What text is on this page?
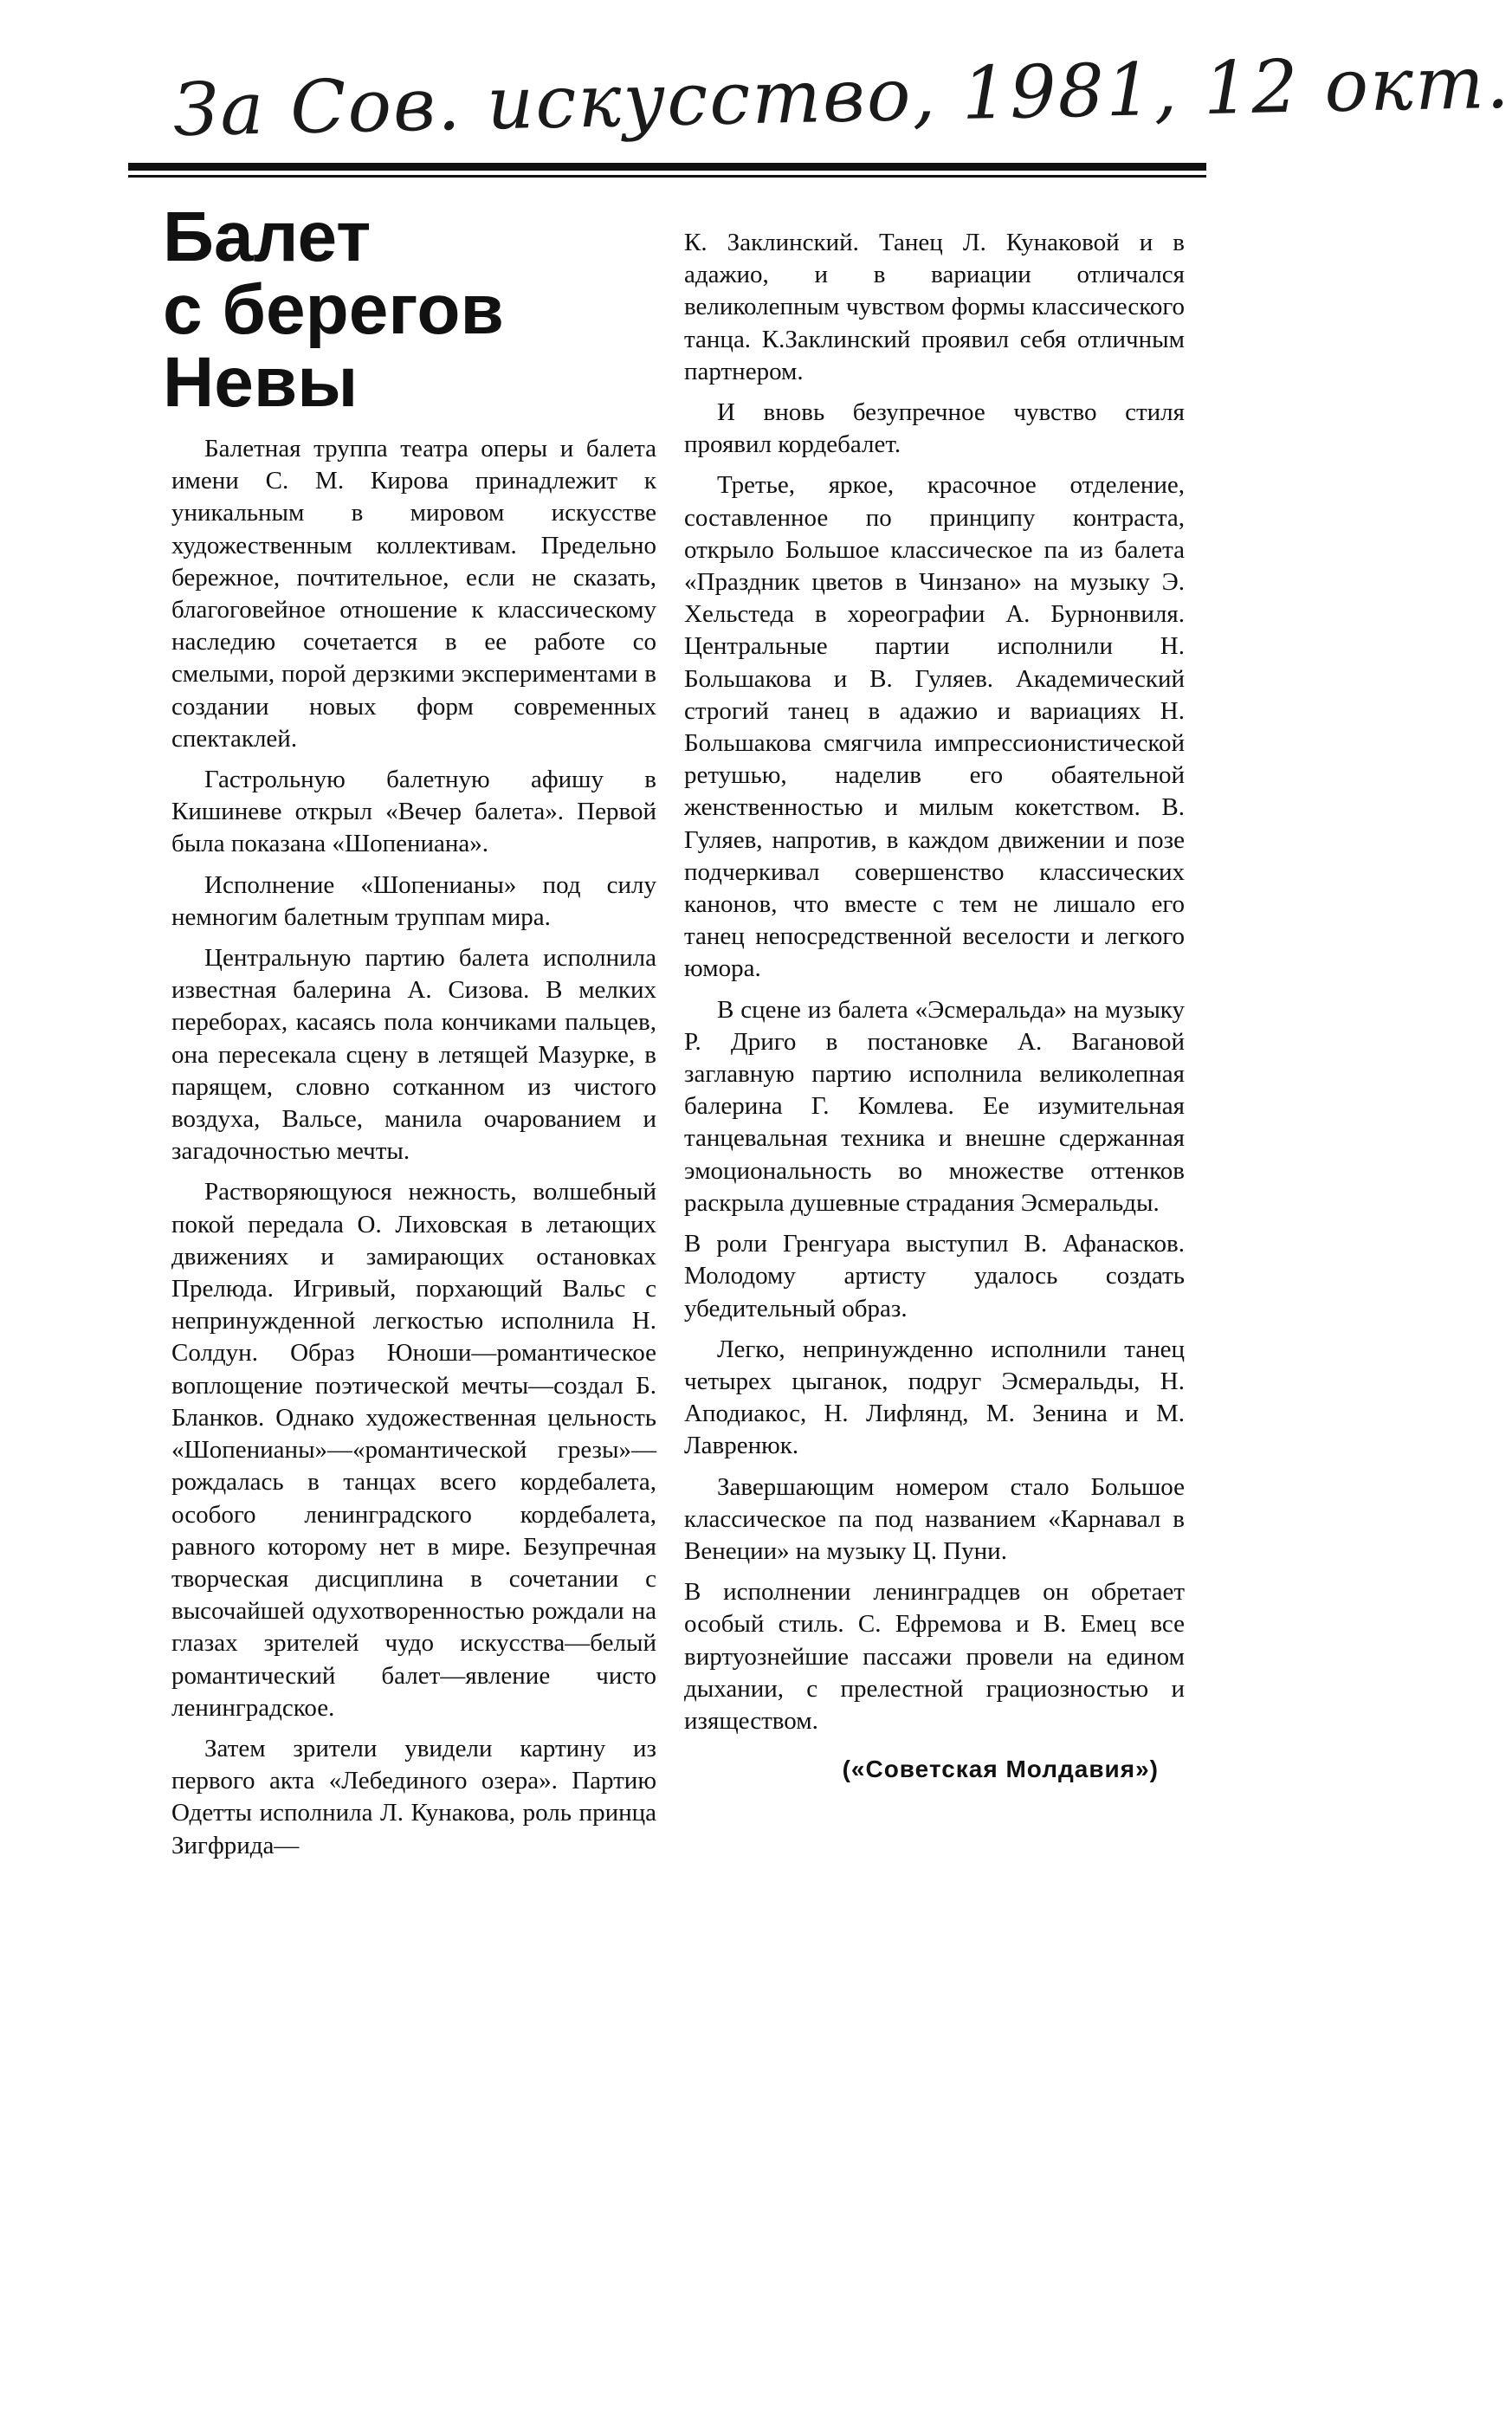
За Сов. искусство, 1981, 12 окт.
Балет
с берегов
Невы

Балетная труппа театра оперы и балета имени С. М. Кирова принадлежит к уникальным в мировом искусстве художественным коллективам. Предельно бережное, почтительное, если не сказать, благоговейное отношение к классическому наследию сочетается в ее работе со смелыми, порой дерзкими экспериментами в создании новых форм современных спектаклей.

Гастрольную балетную афишу в Кишиневе открыл «Вечер балета». Первой была показана «Шопениана».

Исполнение «Шопенианы» под силу немногим балетным труппам мира.

Центральную партию балета исполнила известная балерина А. Сизова. В мелких переборах, касаясь пола кончиками пальцев, она пересекала сцену в летящей Мазурке, в парящем, словно сотканном из чистого воздуха, Вальсе, манила очарованием и загадочностью мечты.

Растворяющуюся нежность, волшебный покой передала О. Лиховская в летающих движениях и замирающих остановках Прелюда. Игривый, порхающий Вальс с непринужденной легкостью исполнила Н. Солдун. Образ Юноши—романтическое воплощение поэтической мечты—создал Б. Бланков. Однако художественная цельность «Шопенианы»—«романтической грезы»—рождалась в танцах всего кордебалета, особого ленинградского кордебалета, равного которому нет в мире. Безупречная творческая дисциплина в сочетании с высочайшей одухотворенностью рождали на глазах зрителей чудо искусства—белый романтический балет—явление чисто ленинградское.

Затем зрители увидели картину из первого акта «Лебединого озера». Партию Одетты исполнила Л. Кунакова, роль принца Зигфрида—

К. Заклинский. Танец Л. Кунаковой и в адажио, и в вариации отличался великолепным чувством формы классического танца. К.Заклинский проявил себя отличным партнером.

И вновь безупречное чувство стиля проявил кордебалет.

Третье, яркое, красочное отделение, составленное по принципу контраста, открыло Большое классическое па из балета «Праздник цветов в Чинзано» на музыку Э. Хельстеда в хореографии А. Бурнонвиля. Центральные партии исполнили Н. Большакова и В. Гуляев. Академический строгий танец в адажио и вариациях Н. Большакова смягчила импрессионистической ретушью, наделив его обаятельной женственностью и милым кокетством. В. Гуляев, напротив, в каждом движении и позе подчеркивал совершенство классических канонов, что вместе с тем не лишало его танец непосредственной веселости и легкого юмора.

В сцене из балета «Эсмеральда» на музыку Р. Дриго в постановке А. Вагановой заглавную партию исполнила великолепная балерина Г. Комлева. Ее изумительная танцевальная техника и внешне сдержанная эмоциональность во множестве оттенков раскрыла душевные страдания Эсмеральды.

В роли Гренгуара выступил В. Афанасков. Молодому артисту удалось создать убедительный образ.

Легко, непринужденно исполнили танец четырех цыганок, подруг Эсмеральды, Н. Аподиакос, Н. Лифлянд, М. Зенина и М. Лавренюк.

Завершающим номером стало Большое классическое па под названием «Карнавал в Венеции» на музыку Ц. Пуни.

В исполнении ленинградцев он обретает особый стиль. С. Ефремова и В. Емец все виртуознейшие пассажи провели на едином дыхании, с прелестной грациозностью и изяществом.

(«Советская Молдавия»)
